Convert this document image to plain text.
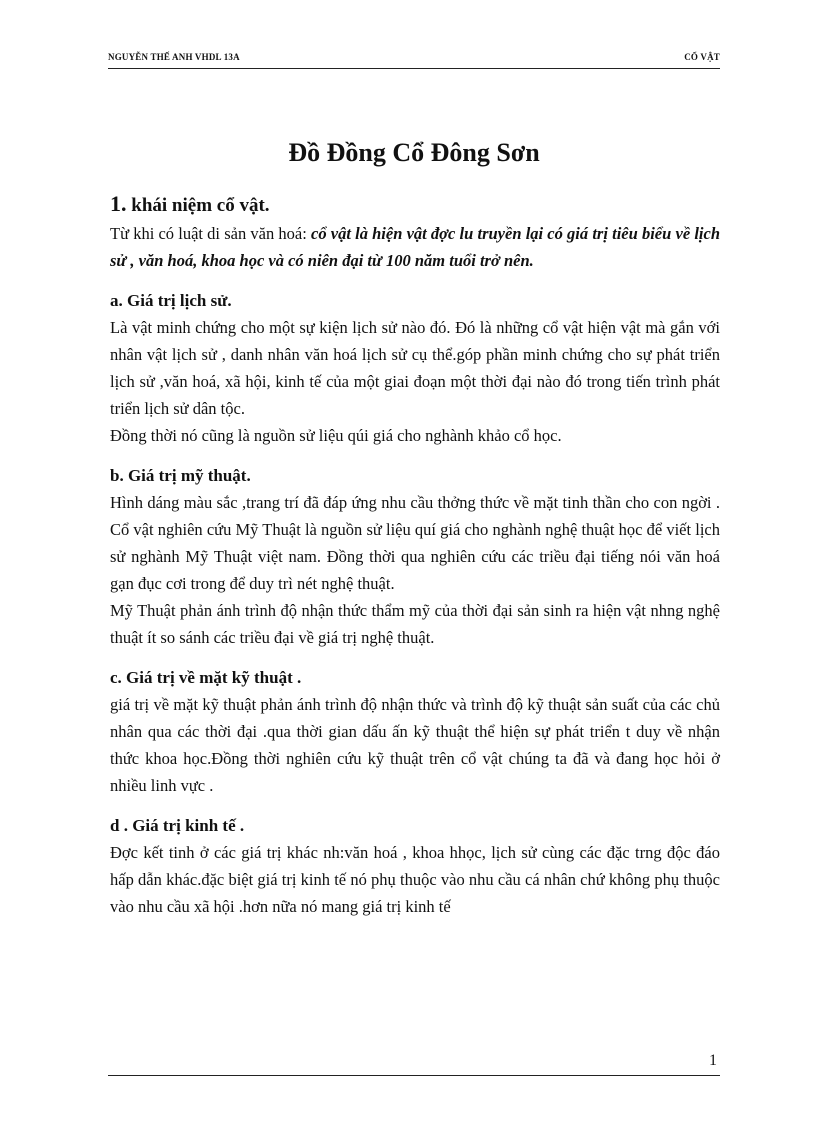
NGUYỄN THẾ ANH VHDL 13A	CỔ VẬT
Đồ Đồng Cổ Đông Sơn
1. khái niệm cổ vật.

Từ khi có luật di sản văn hoá: cổ vật là hiện vật đợc lu truyền lại có giá trị tiêu biểu về lịch sử , văn hoá, khoa học và có niên đại từ 100 năm tuổi trở nên.

a. Giá trị lịch sử.

Là vật minh chứng cho một sự kiện lịch sử nào đó. Đó là những cổ vật hiện vật mà gắn với nhân vật lịch sử , danh nhân văn hoá lịch sử cụ thể.góp phần minh chứng cho sự phát triển lịch sử ,văn hoá, xã hội, kinh tế của một giai đoạn một thời đại nào đó trong tiến trình phát triển lịch sử dân tộc.

Đồng thời nó cũng là nguồn sử liệu qúi giá cho nghành khảo cổ học.

b. Giá trị mỹ thuật.

Hình dáng màu sắc ,trang trí đã đáp ứng nhu cầu thởng thức về mặt tinh thần cho con ngời . Cổ vật nghiên cứu Mỹ Thuật là nguồn sử liệu quí giá cho nghành nghệ thuật học để viết lịch sử nghành Mỹ Thuật việt nam. Đồng thời qua nghiên cứu các triều đại tiếng nói văn hoá gạn đục cơi trong để duy trì nét nghệ thuật.

Mỹ Thuật phản ánh trình độ nhận thức thẩm mỹ của thời đại sản sinh ra hiện vật nhng nghệ thuật ít so sánh các triều đại về giá trị nghệ thuật.

c. Giá trị về mặt kỹ thuật .

giá trị về mặt kỹ thuật phản ánh trình độ nhận thức và trình độ kỹ thuật sản suất của các chủ nhân qua các thời đại .qua thời gian dấu ấn kỹ thuật thể hiện sự phát triển t duy về nhận thức khoa học.Đồng thời nghiên cứu kỹ thuật trên cổ vật chúng ta đã và đang học hỏi ở nhiều linh vực .

d . Giá trị kinh tế .

Đợc kết tinh ở các giá trị khác nh:văn hoá , khoa hhọc, lịch sử cùng các đặc trng độc đáo hấp dẫn khác.đặc biệt giá trị kinh tế nó phụ thuộc vào nhu cầu cá nhân chứ không phụ thuộc vào nhu cầu xã hội .hơn nữa nó mang giá trị kinh tế

1
